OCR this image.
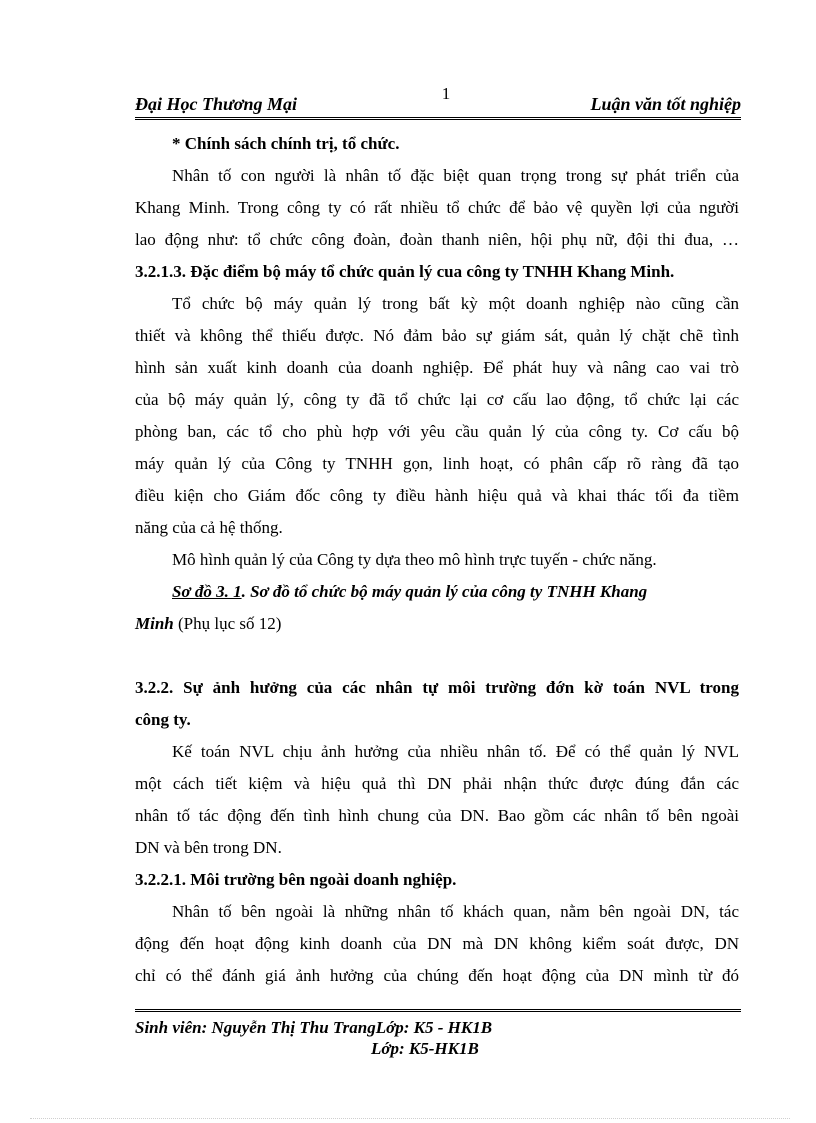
1
Đại Học Thương Mại	Luận văn tốt nghiệp
* Chính sách chính trị, tổ chức.
Nhân tố con người là nhân tố đặc biệt quan trọng trong sự phát triển của
Khang Minh. Trong công ty có rất nhiều tổ chức để bảo vệ quyền lợi của người
lao động như: tổ chức công đoàn, đoàn thanh niên, hội phụ nữ, đội thi đua, …
3.2.1.3. Đặc điểm bộ máy tổ chức quản lý cua công ty TNHH Khang Minh.
Tổ chức bộ máy quản lý trong bất kỳ một doanh nghiệp nào cũng cần
thiết và không thể thiếu được. Nó đảm bảo sự giám sát, quản lý chặt chẽ tình
hình sản xuất kinh doanh của doanh nghiệp. Để phát huy và nâng cao vai trò
của bộ máy quản lý, công ty đã tổ chức lại cơ cấu lao động, tổ chức lại các
phòng ban, các tổ cho phù hợp với yêu cầu quản lý của công ty. Cơ cấu bộ
máy quản lý của Công ty TNHH gọn, linh hoạt, có phân cấp rõ ràng đã tạo
điều kiện cho Giám đốc công ty điều hành hiệu quả và khai thác tối đa tiềm
năng của cả hệ thống.
Mô hình quản lý của Công ty dựa theo mô hình trực tuyến - chức năng.
Sơ đồ 3. 1. Sơ đồ tổ chức bộ máy quản lý của công ty TNHH Khang
Minh (Phụ lục số 12)
3.2.2. Sự ảnh hưởng của các nhân tự môi trường đớn kờ toán NVL trong
công ty.
Kế toán NVL chịu ảnh hưởng của nhiều nhân tố. Để có thể quản lý NVL
một cách tiết kiệm và hiệu quả thì DN phải nhận thức được đúng đắn các
nhân tố tác động đến tình hình chung của DN. Bao gồm các nhân tố bên ngoài
DN và bên trong DN.
3.2.2.1. Môi trường bên ngoài doanh nghiệp.
Nhân tố bên ngoài là những nhân tố khách quan, nằm bên ngoài DN, tác
động đến hoạt động kinh doanh của DN mà DN không kiểm soát được, DN
chỉ có thể đánh giá ảnh hưởng của chúng đến hoạt động của DN mình từ đó
Sinh viên: Nguyễn Thị Thu TrangLớp: K5 - HK1B
Lớp: K5-HK1B
